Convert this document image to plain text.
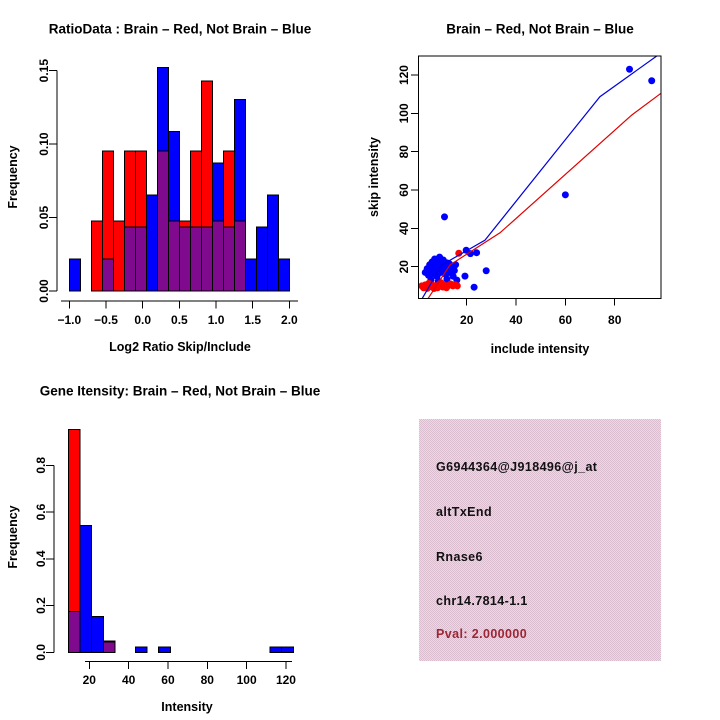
0.00
0.05
0.10
0.15
−1.0 −0.5 0.0 0.5 1.0 1.5 2.0
RatioData : Brain – Red, Not Brain – Blue
Log2 Ratio Skip/Include
Frequency
20	40	60	80
20
40
60
80
100
120
Brain – Red, Not Brain – Blue
include intensity
skip intensity
0.0
0.2
0.4
0.6
0.8
20 40 60 80 100 120
Gene Itensity: Brain – Red, Not Brain – Blue
Intensity
Frequency
G6944364@J918496@j_at
altTxEnd
Rnase6
chr14.7814-1.1
Pval: 2.000000
